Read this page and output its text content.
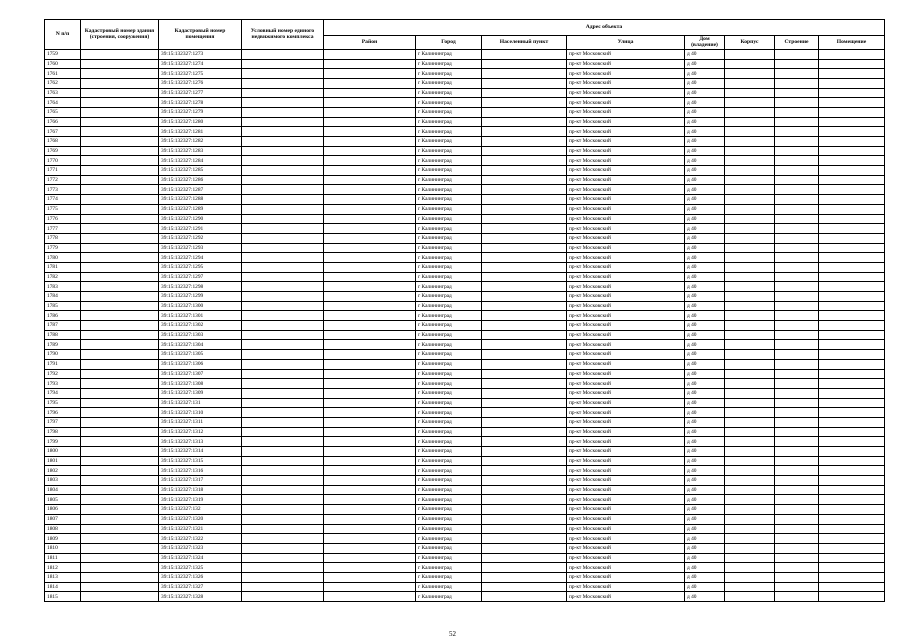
N п/п	Кадастровый номер здания (строения, сооружения)	Кадастровый номер помещения	Условный номер единого недвижимого комплекса	Адрес объекта							
				Район	Город	Населенный пункт	Улица	Дом (владение)	Корпус	Строение	Помещение
1759		39:15:132327:1273			г Калининград		пр-кт Московский	д 40			
1760		39:15:132327:1274			г Калининград		пр-кт Московский	д 40			
1761		39:15:132327:1275			г Калининград		пр-кт Московский	д 40			
1762		39:15:132327:1276			г Калининград		пр-кт Московский	д 40			
1763		39:15:132327:1277			г Калининград		пр-кт Московский	д 40			
1764		39:15:132327:1278			г Калининград		пр-кт Московский	д 40			
1765		39:15:132327:1279			г Калининград		пр-кт Московский	д 40			
1766		39:15:132327:1280			г Калининград		пр-кт Московский	д 40			
1767		39:15:132327:1281			г Калининград		пр-кт Московский	д 40			
1768		39:15:132327:1282			г Калининград		пр-кт Московский	д 40			
1769		39:15:132327:1283			г Калининград		пр-кт Московский	д 40			
1770		39:15:132327:1284			г Калининград		пр-кт Московский	д 40			
1771		39:15:132327:1285			г Калининград		пр-кт Московский	д 40			
1772		39:15:132327:1286			г Калининград		пр-кт Московский	д 40			
1773		39:15:132327:1287			г Калининград		пр-кт Московский	д 40			
1774		39:15:132327:1288			г Калининград		пр-кт Московский	д 40			
1775		39:15:132327:1289			г Калининград		пр-кт Московский	д 40			
1776		39:15:132327:1290			г Калининград		пр-кт Московский	д 40			
1777		39:15:132327:1291			г Калининград		пр-кт Московский	д 40			
1778		39:15:132327:1292			г Калининград		пр-кт Московский	д 40			
1779		39:15:132327:1293			г Калининград		пр-кт Московский	д 40			
1780		39:15:132327:1294			г Калининград		пр-кт Московский	д 40			
1781		39:15:132327:1295			г Калининград		пр-кт Московский	д 40			
1782		39:15:132327:1297			г Калининград		пр-кт Московский	д 40			
1783		39:15:132327:1298			г Калининград		пр-кт Московский	д 40			
1784		39:15:132327:1299			г Калининград		пр-кт Московский	д 40			
1785		39:15:132327:1300			г Калининград		пр-кт Московский	д 40			
1786		39:15:132327:1301			г Калининград		пр-кт Московский	д 40			
1787		39:15:132327:1302			г Калининград		пр-кт Московский	д 40			
1788		39:15:132327:1303			г Калининград		пр-кт Московский	д 40			
1789		39:15:132327:1304			г Калининград		пр-кт Московский	д 40			
1790		39:15:132327:1305			г Калининград		пр-кт Московский	д 40			
1791		39:15:132327:1306			г Калининград		пр-кт Московский	д 40			
1792		39:15:132327:1307			г Калининград		пр-кт Московский	д 40			
1793		39:15:132327:1308			г Калининград		пр-кт Московский	д 40			
1794		39:15:132327:1309			г Калининград		пр-кт Московский	д 40			
1795		39:15:132327:131			г Калининград		пр-кт Московский	д 40			
1796		39:15:132327:1310			г Калининград		пр-кт Московский	д 40			
1797		39:15:132327:1311			г Калининград		пр-кт Московский	д 40			
1798		39:15:132327:1312			г Калининград		пр-кт Московский	д 40			
1799		39:15:132327:1313			г Калининград		пр-кт Московский	д 40			
1800		39:15:132327:1314			г Калининград		пр-кт Московский	д 40			
1801		39:15:132327:1315			г Калининград		пр-кт Московский	д 40			
1802		39:15:132327:1316			г Калининград		пр-кт Московский	д 40			
1803		39:15:132327:1317			г Калининград		пр-кт Московский	д 40			
1804		39:15:132327:1318			г Калининград		пр-кт Московский	д 40			
1805		39:15:132327:1319			г Калининград		пр-кт Московский	д 40			
1806		39:15:132327:132			г Калининград		пр-кт Московский	д 40			
1807		39:15:132327:1320			г Калининград		пр-кт Московский	д 40			
1808		39:15:132327:1321			г Калининград		пр-кт Московский	д 40			
1809		39:15:132327:1322			г Калининград		пр-кт Московский	д 40			
1810		39:15:132327:1323			г Калининград		пр-кт Московский	д 40			
1811		39:15:132327:1324			г Калининград		пр-кт Московский	д 40			
1812		39:15:132327:1325			г Калининград		пр-кт Московский	д 40			
1813		39:15:132327:1326			г Калининград		пр-кт Московский	д 40			
1814		39:15:132327:1327			г Калининград		пр-кт Московский	д 40			
1815		39:15:132327:1328			г Калининград		пр-кт Московский	д 40			
52
